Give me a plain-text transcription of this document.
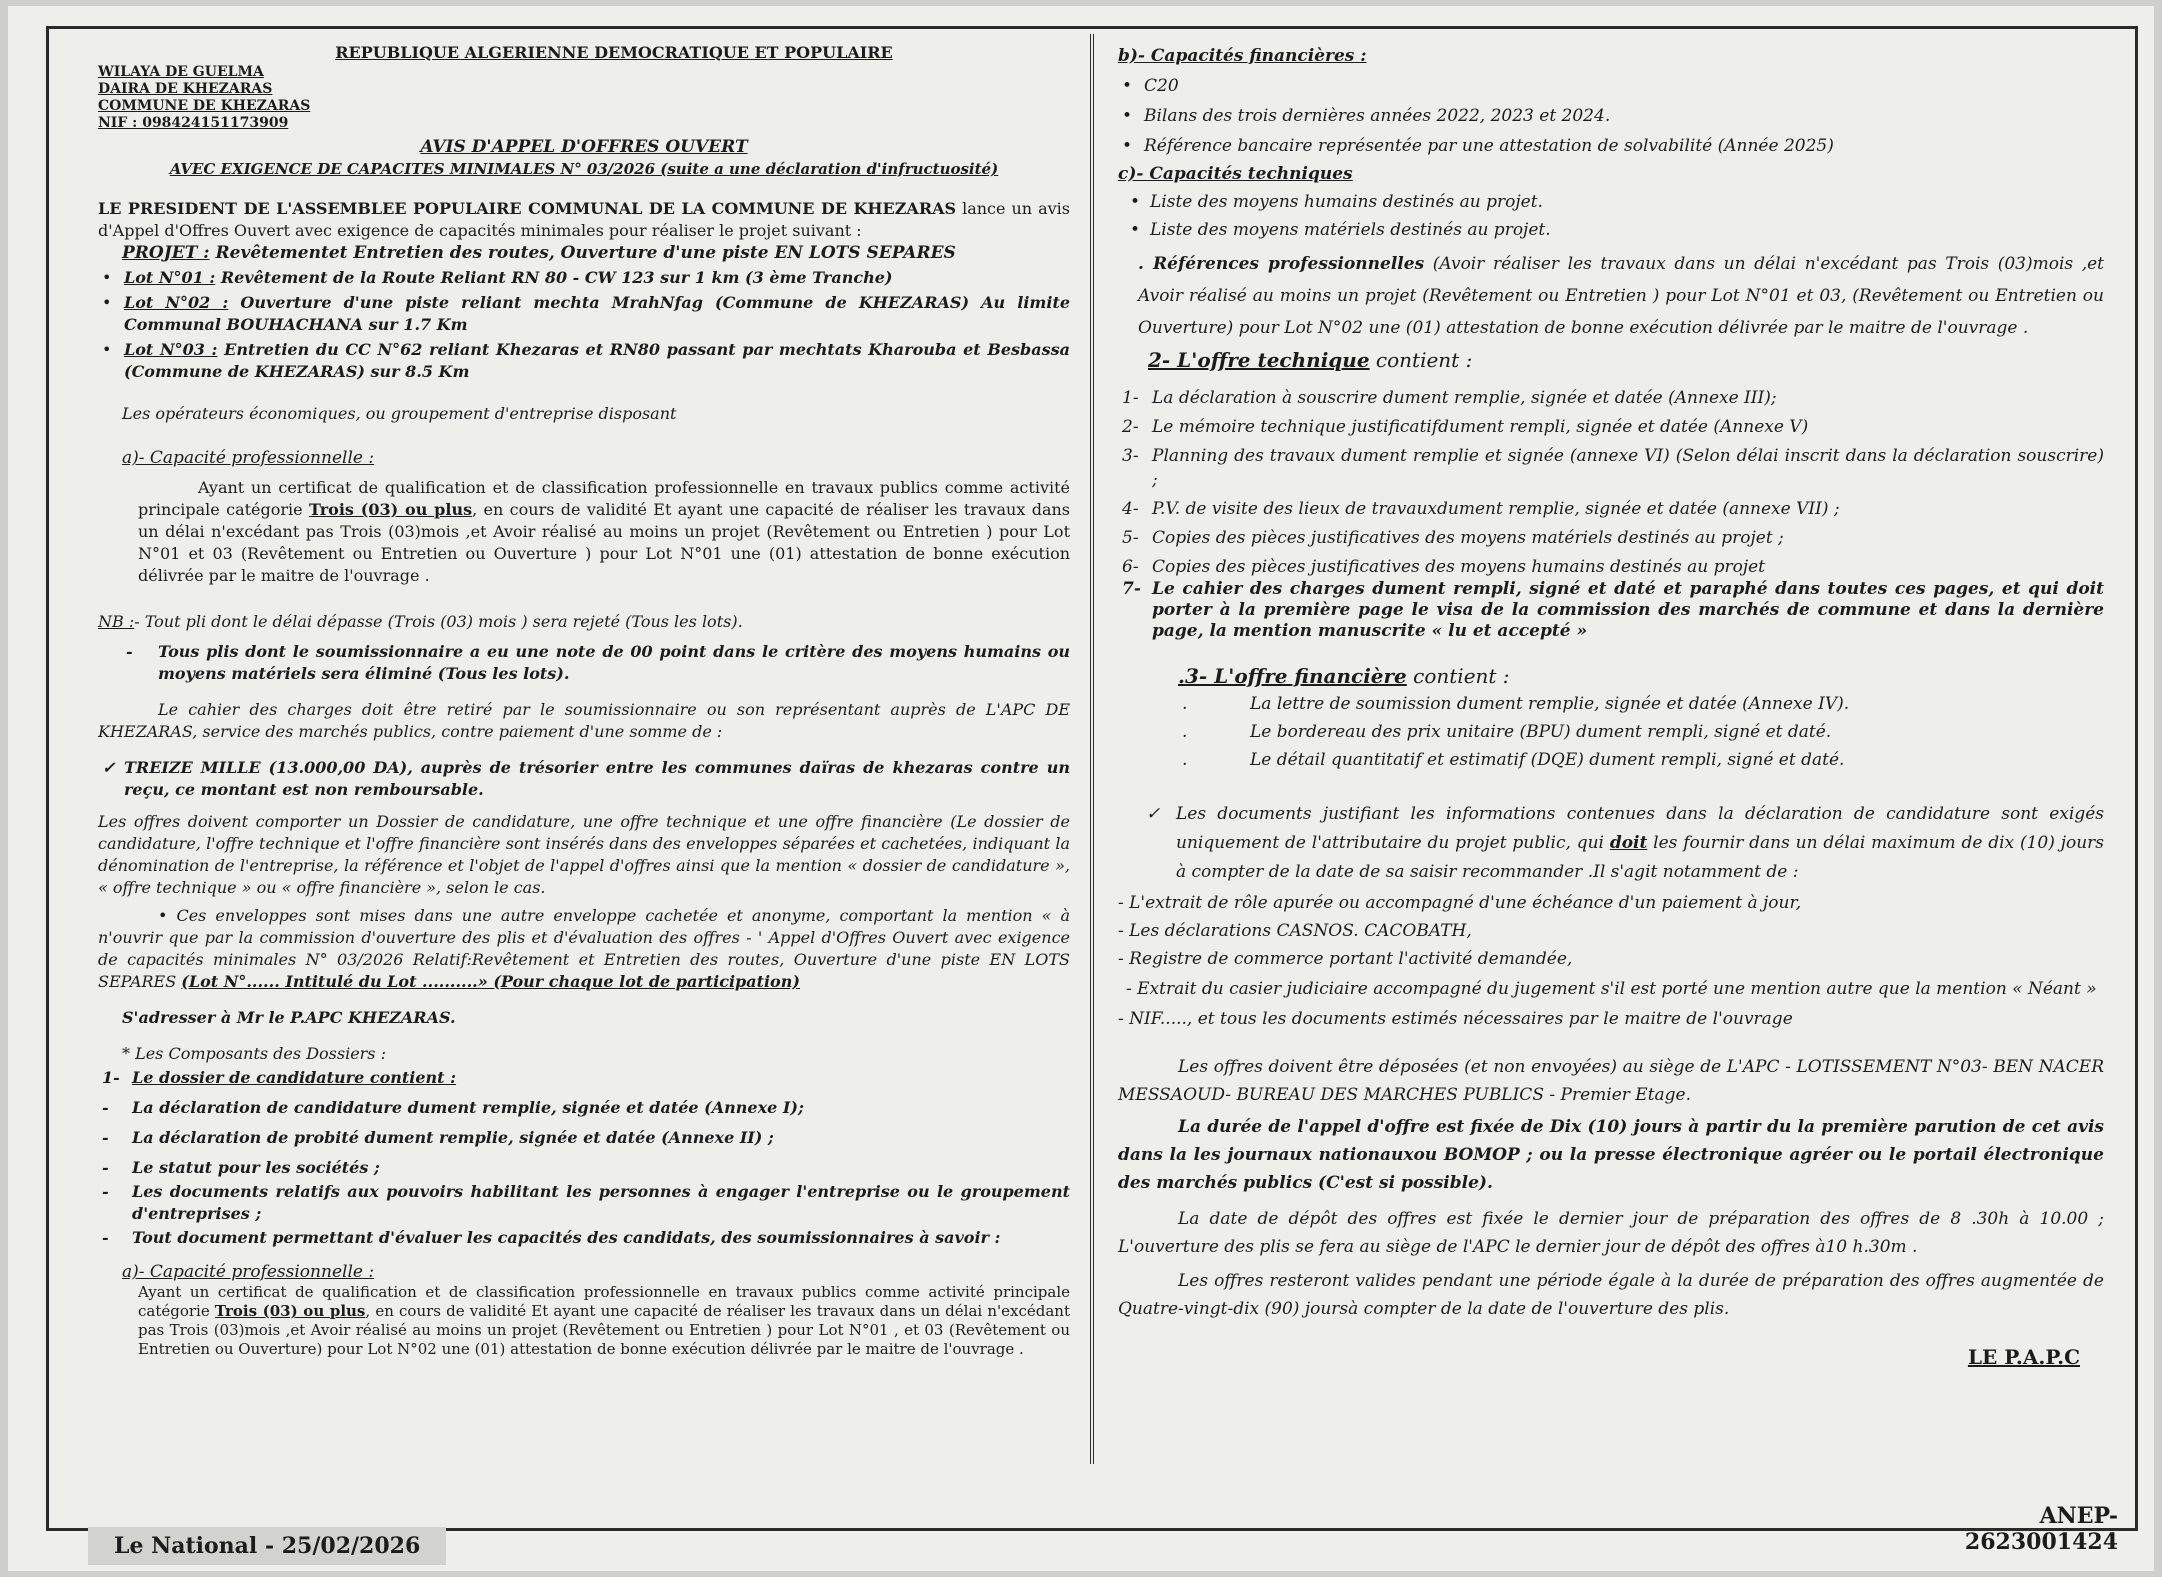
REPUBLIQUE ALGERIENNE DEMOCRATIQUE ET POPULAIRE

WILAYA DE GUELMA

DAIRA DE KHEZARAS

COMMUNE DE KHEZARAS

NIF : 098424151173909

AVIS D'APPEL D'OFFRES OUVERT

AVEC EXIGENCE DE CAPACITES MINIMALES N° 03/2026 (suite a une déclaration d'infructuosité)

LE PRESIDENT DE L'ASSEMBLEE POPULAIRE COMMUNAL DE LA COMMUNE DE KHEZARAS lance un avis d'Appel d'Offres Ouvert avec exigence de capacités minimales pour réaliser le projet suivant :

PROJET : Revêtementet Entretien des routes, Ouverture d'une piste EN LOTS SEPARES

• Lot N°01 : Revêtement de la Route Reliant RN 80 - CW 123 sur 1 km (3 ème Tranche)

• Lot N°02 : Ouverture d'une piste reliant mechta MrahNfag (Commune de KHEZARAS) Au limite Communal BOUHACHANA sur 1.7 Km

• Lot N°03 : Entretien du CC N°62 reliant Khezaras et RN80 passant par mechtats Kharouba et Besbassa (Commune de KHEZARAS) sur 8.5 Km

Les opérateurs économiques, ou groupement d'entreprise disposant

a)- Capacité professionnelle :

Ayant un certificat de qualification et de classification professionnelle en travaux publics comme activité principale catégorie Trois (03) ou plus, en cours de validité Et ayant une capacité de réaliser les travaux dans un délai n'excédant pas Trois (03)mois ,et Avoir réalisé au moins un projet (Revêtement ou Entretien ) pour Lot N°01 et 03 (Revêtement ou Entretien ou Ouverture ) pour Lot N°01 une (01) attestation de bonne exécution délivrée par le maitre de l'ouvrage .

NB :- Tout pli dont le délai dépasse (Trois (03) mois ) sera rejeté (Tous les lots).

- Tous plis dont le soumissionnaire a eu une note de 00 point dans le critère des moyens humains ou moyens matériels sera éliminé (Tous les lots).

Le cahier des charges doit être retiré par le soumissionnaire ou son représentant auprès de L'APC DE KHEZARAS, service des marchés publics, contre paiement d'une somme de :

✓ TREIZE MILLE (13.000,00 DA), auprès de trésorier entre les communes daïras de khezaras contre un reçu, ce montant est non remboursable.

Les offres doivent comporter un Dossier de candidature, une offre technique et une offre financière (Le dossier de candidature, l'offre technique et l'offre financière sont insérés dans des enveloppes séparées et cachetées, indiquant la dénomination de l'entreprise, la référence et l'objet de l'appel d'offres ainsi que la mention « dossier de candidature », « offre technique » ou « offre financière », selon le cas.

• Ces enveloppes sont mises dans une autre enveloppe cachetée et anonyme, comportant la mention « à n'ouvrir que par la commission d'ouverture des plis et d'évaluation des offres - ' Appel d'Offres Ouvert avec exigence de capacités minimales N° 03/2026 Relatif:Revêtement et Entretien des routes, Ouverture d'une piste EN LOTS SEPARES (Lot N°...... Intitulé du Lot ..........» (Pour chaque lot de participation)

S'adresser à Mr le P.APC KHEZARAS.

* Les Composants des Dossiers :

1- Le dossier de candidature contient :

- La déclaration de candidature dument remplie, signée et datée (Annexe I);

- La déclaration de probité dument remplie, signée et datée (Annexe II) ;

- Le statut pour les sociétés ;

- Les documents relatifs aux pouvoirs habilitant les personnes à engager l'entreprise ou le groupement d'entreprises ;

- Tout document permettant d'évaluer les capacités des candidats, des soumissionnaires à savoir :

a)- Capacité professionnelle :

Ayant un certificat de qualification et de classification professionnelle en travaux publics comme activité principale catégorie Trois (03) ou plus, en cours de validité Et ayant une capacité de réaliser les travaux dans un délai n'excédant pas Trois (03)mois ,et Avoir réalisé au moins un projet (Revêtement ou Entretien ) pour Lot N°01 , et 03 (Revêtement ou Entretien ou Ouverture) pour Lot N°02 une (01) attestation de bonne exécution délivrée par le maitre de l'ouvrage .

b)- Capacités financières :

• C20

• Bilans des trois dernières années 2022, 2023 et 2024.

• Référence bancaire représentée par une attestation de solvabilité (Année 2025)

c)- Capacités techniques

• Liste des moyens humains destinés au projet.

• Liste des moyens matériels destinés au projet.

. Références professionnelles (Avoir réaliser les travaux dans un délai n'excédant pas Trois (03)mois ,et Avoir réalisé au moins un projet (Revêtement ou Entretien ) pour Lot N°01 et 03, (Revêtement ou Entretien ou Ouverture) pour Lot N°02 une (01) attestation de bonne exécution délivrée par le maitre de l'ouvrage .

2- L'offre technique contient :

1- La déclaration à souscrire dument remplie, signée et datée (Annexe III);

2- Le mémoire technique justificatifdument rempli, signée et datée (Annexe V)

3- Planning des travaux dument remplie et signée (annexe VI) (Selon délai inscrit dans la déclaration souscrire) ;

4- P.V. de visite des lieux de travauxdument remplie, signée et datée (annexe VII) ;

5- Copies des pièces justificatives des moyens matériels destinés au projet ;

6- Copies des pièces justificatives des moyens humains destinés au projet

7- Le cahier des charges dument rempli, signé et daté et paraphé dans toutes ces pages, et qui doit porter à la première page le visa de la commission des marchés de commune et dans la dernière page, la mention manuscrite « lu et accepté »

.3- L'offre financière contient :

.	La lettre de soumission dument remplie, signée et datée (Annexe IV).

.	Le bordereau des prix unitaire (BPU) dument rempli, signé et daté.

.	Le détail quantitatif et estimatif (DQE) dument rempli, signé et daté.

✓ Les documents justifiant les informations contenues dans la déclaration de candidature sont exigés uniquement de l'attributaire du projet public, qui doit les fournir dans un délai maximum de dix (10) jours à compter de la date de sa saisir recommander .Il s'agit notamment de :

- L'extrait de rôle apurée ou accompagné d'une échéance d'un paiement à jour,

- Les déclarations CASNOS. CACOBATH,

- Registre de commerce portant l'activité demandée,

- Extrait du casier judiciaire accompagné du jugement s'il est porté une mention autre que la mention « Néant »

- NIF....., et tous les documents estimés nécessaires par le maitre de l'ouvrage

Les offres doivent être déposées (et non envoyées) au siège de L'APC - LOTISSEMENT N°03- BEN NACER MESSAOUD- BUREAU DES MARCHES PUBLICS - Premier Etage.

La durée de l'appel d'offre est fixée de Dix (10) jours à partir du la première parution de cet avis dans la les journaux nationauxou BOMOP ; ou la presse électronique agréer ou le portail électronique des marchés publics (C'est si possible).

La date de dépôt des offres est fixée le dernier jour de préparation des offres de 8 .30h à 10.00 ; L'ouverture des plis se fera au siège de l'APC le dernier jour de dépôt des offres à10 h.30m .

Les offres resteront valides pendant une période égale à la durée de préparation des offres augmentée de Quatre-vingt-dix (90) joursà compter de la date de l'ouverture des plis.

LE P.A.P.C

Le National - 25/02/2026
ANEP-2623001424
